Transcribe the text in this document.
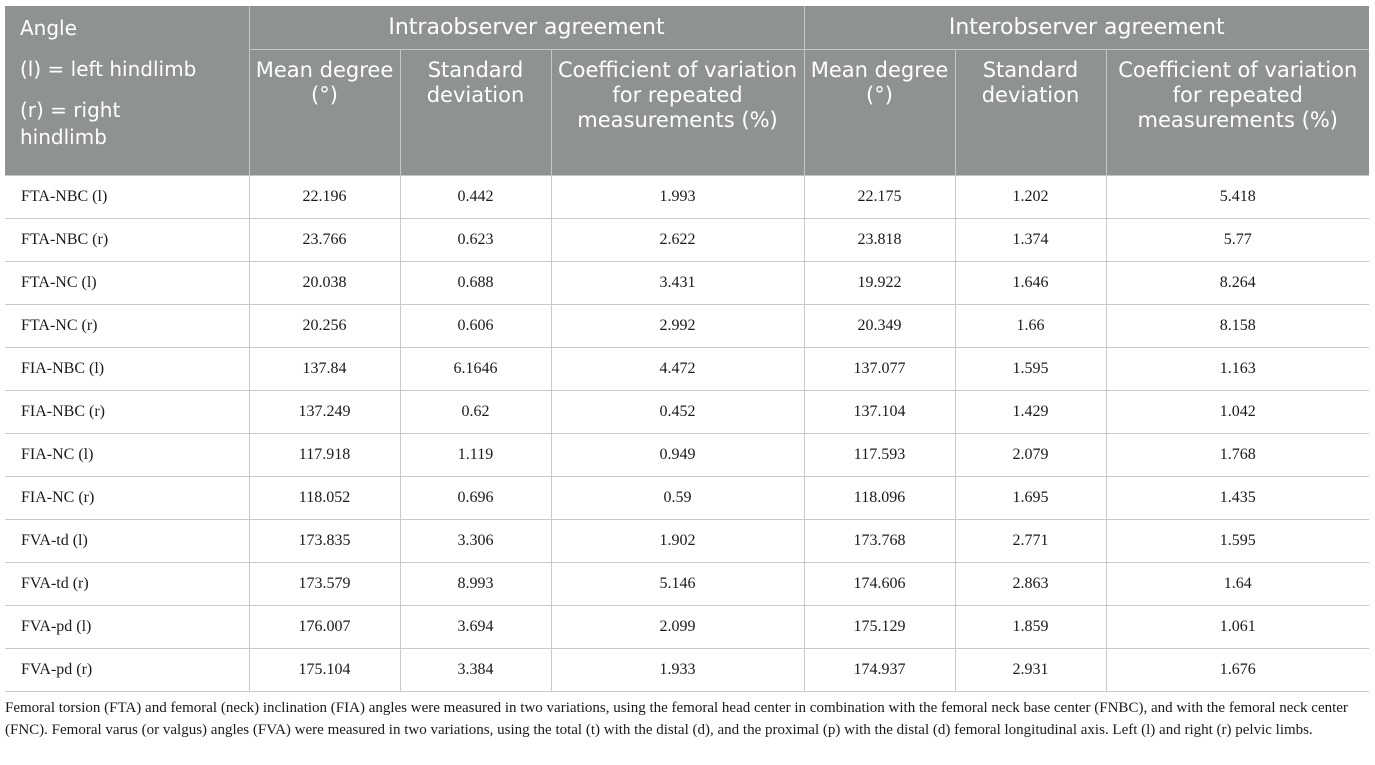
Angle
(l) = left hindlimb
(r) = right
hindlimb	Intraobserver agreement			Interobserver agreement		
	Mean degree (°)	Standard deviation	Coefficient of variation for repeated measurements (%)	Mean degree (°)	Standard deviation	Coefficient of variation for repeated measurements (%)
FTA-NBC (l)	22.196	0.442	1.993	22.175	1.202	5.418
FTA-NBC (r)	23.766	0.623	2.622	23.818	1.374	5.77
FTA-NC (l)	20.038	0.688	3.431	19.922	1.646	8.264
FTA-NC (r)	20.256	0.606	2.992	20.349	1.66	8.158
FIA-NBC (l)	137.84	6.1646	4.472	137.077	1.595	1.163
FIA-NBC (r)	137.249	0.62	0.452	137.104	1.429	1.042
FIA-NC (l)	117.918	1.119	0.949	117.593	2.079	1.768
FIA-NC (r)	118.052	0.696	0.59	118.096	1.695	1.435
FVA-td (l)	173.835	3.306	1.902	173.768	2.771	1.595
FVA-td (r)	173.579	8.993	5.146	174.606	2.863	1.64
FVA-pd (l)	176.007	3.694	2.099	175.129	1.859	1.061
FVA-pd (r)	175.104	3.384	1.933	174.937	2.931	1.676

Femoral torsion (FTA) and femoral (neck) inclination (FIA) angles were measured in two variations, using the femoral head center in combination with the femoral neck base center (FNBC), and with the femoral neck center (FNC). Femoral varus (or valgus) angles (FVA) were measured in two variations, using the total (t) with the distal (d), and the proximal (p) with the distal (d) femoral longitudinal axis. Left (l) and right (r) pelvic limbs.
